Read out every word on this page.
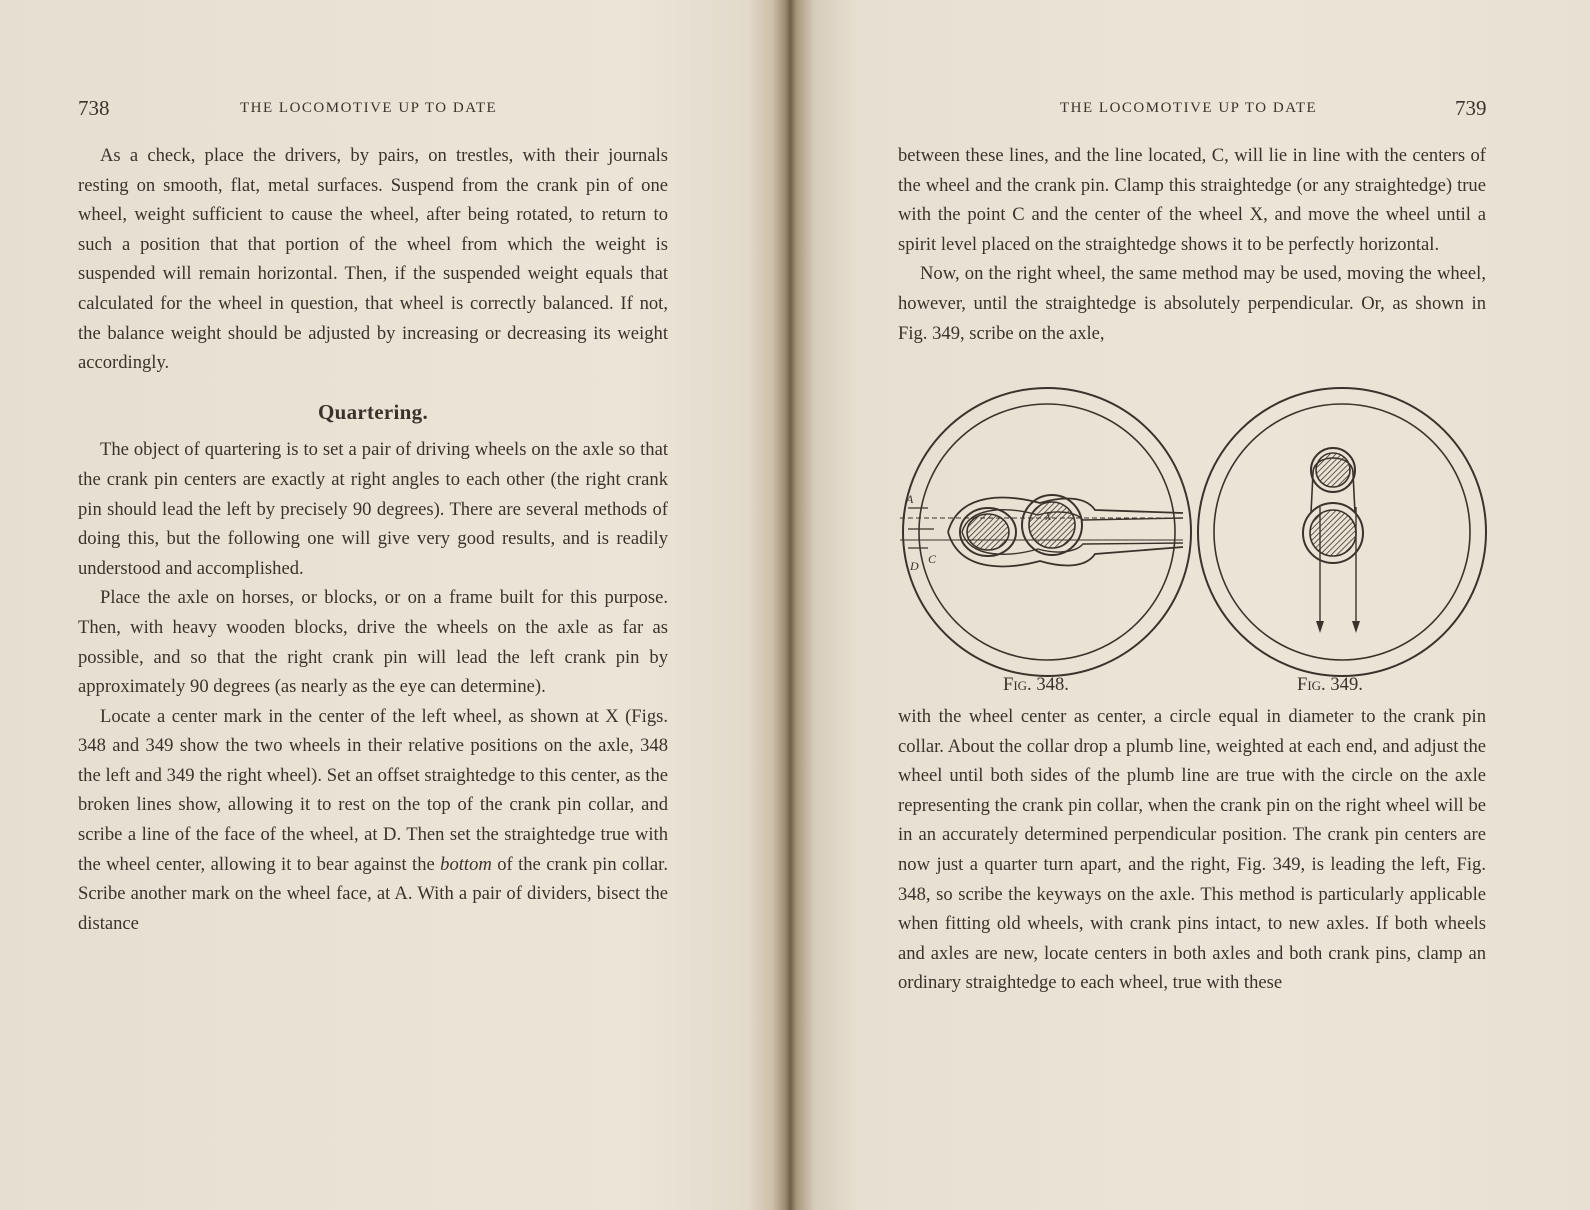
738	THE LOCOMOTIVE UP TO DATE

As a check, place the drivers, by pairs, on trestles, with their journals resting on smooth, flat, metal surfaces. Suspend from the crank pin of one wheel, weight sufficient to cause the wheel, after being rotated, to return to such a position that that portion of the wheel from which the weight is suspended will remain horizontal. Then, if the suspended weight equals that calculated for the wheel in question, that wheel is correctly balanced. If not, the balance weight should be adjusted by increasing or decreasing its weight accordingly.

Quartering.

The object of quartering is to set a pair of driving wheels on the axle so that the crank pin centers are exactly at right angles to each other (the right crank pin should lead the left by precisely 90 degrees). There are several methods of doing this, but the following one will give very good results, and is readily understood and accomplished.

Place the axle on horses, or blocks, or on a frame built for this purpose. Then, with heavy wooden blocks, drive the wheels on the axle as far as possible, and so that the right crank pin will lead the left crank pin by approximately 90 degrees (as nearly as the eye can determine).

Locate a center mark in the center of the left wheel, as shown at X (Figs. 348 and 349 show the two wheels in their relative positions on the axle, 348 the left and 349 the right wheel). Set an offset straightedge to this center, as the broken lines show, allowing it to rest on the top of the crank pin collar, and scribe a line of the face of the wheel, at D. Then set the straightedge true with the wheel center, allowing it to bear against the bottom of the crank pin collar. Scribe another mark on the wheel face, at A. With a pair of dividers, bisect the distance

THE LOCOMOTIVE UP TO DATE	739

between these lines, and the line located, C, will lie in line with the centers of the wheel and the crank pin. Clamp this straightedge (or any straightedge) true with the point C and the center of the wheel X, and move the wheel until a spirit level placed on the straightedge shows it to be perfectly horizontal.

Now, on the right wheel, the same method may be used, moving the wheel, however, until the straightedge is absolutely perpendicular. Or, as shown in Fig. 349, scribe on the axle,

A
D C
X
Fig. 348.	Fig. 349.

with the wheel center as center, a circle equal in diameter to the crank pin collar. About the collar drop a plumb line, weighted at each end, and adjust the wheel until both sides of the plumb line are true with the circle on the axle representing the crank pin collar, when the crank pin on the right wheel will be in an accurately determined perpendicular position. The crank pin centers are now just a quarter turn apart, and the right, Fig. 349, is leading the left, Fig. 348, so scribe the keyways on the axle. This method is particularly applicable when fitting old wheels, with crank pins intact, to new axles. If both wheels and axles are new, locate centers in both axles and both crank pins, clamp an ordinary straightedge to each wheel, true with these
